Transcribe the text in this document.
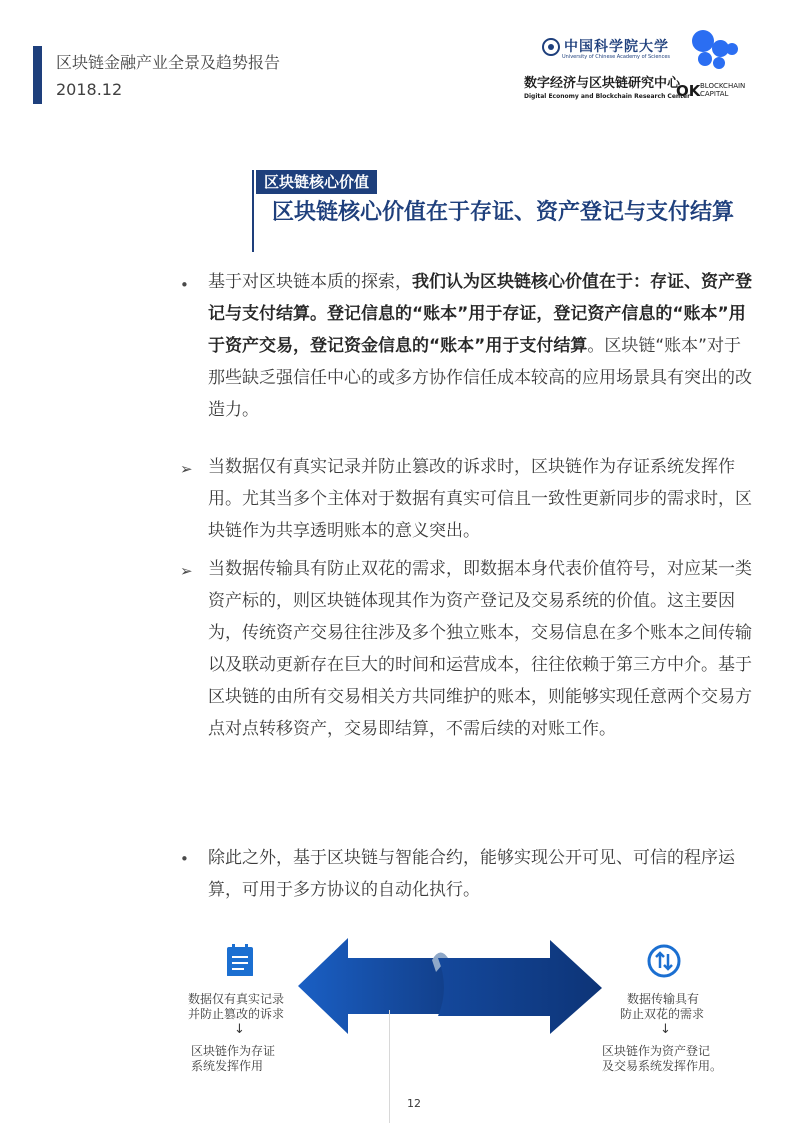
区块链金融产业全景及趋势报告
2018.12
中国科学院大学
University of Chinese Academy of Sciences
数字经济与区块链研究中心
Digital Economy and Blockchain Research Center
OK BLOCKCHAIN
CAPITAL
区块链核心价值
区块链核心价值在于存证、资产登记与支付结算
• 基于对区块链本质的探索，我们认为区块链核心价值在于：存证、资产登记与支付结算。登记信息的“账本”用于存证，登记资产信息的“账本”用于资产交易，登记资金信息的“账本”用于支付结算。区块链“账本”对于那些缺乏强信任中心的或多方协作信任成本较高的应用场景具有突出的改造力。
➢ 当数据仅有真实记录并防止篡改的诉求时，区块链作为存证系统发挥作用。尤其当多个主体对于数据有真实可信且一致性更新同步的需求时，区块链作为共享透明账本的意义突出。
➢ 当数据传输具有防止双花的需求，即数据本身代表价值符号，对应某一类资产标的，则区块链体现其作为资产登记及交易系统的价值。这主要因为，传统资产交易往往涉及多个独立账本，交易信息在多个账本之间传输以及联动更新存在巨大的时间和运营成本，往往依赖于第三方中介。基于区块链的由所有交易相关方共同维护的账本，则能够实现任意两个交易方点对点转移资产，交易即结算，不需后续的对账工作。
• 除此之外，基于区块链与智能合约，能够实现公开可见、可信的程序运算，可用于多方协议的自动化执行。
数据仅有真实记录
并防止篡改的诉求
↓
区块链作为存证
系统发挥作用
数据传输具有
防止双花的需求
↓
区块链作为资产登记
及交易系统发挥作用。
12
